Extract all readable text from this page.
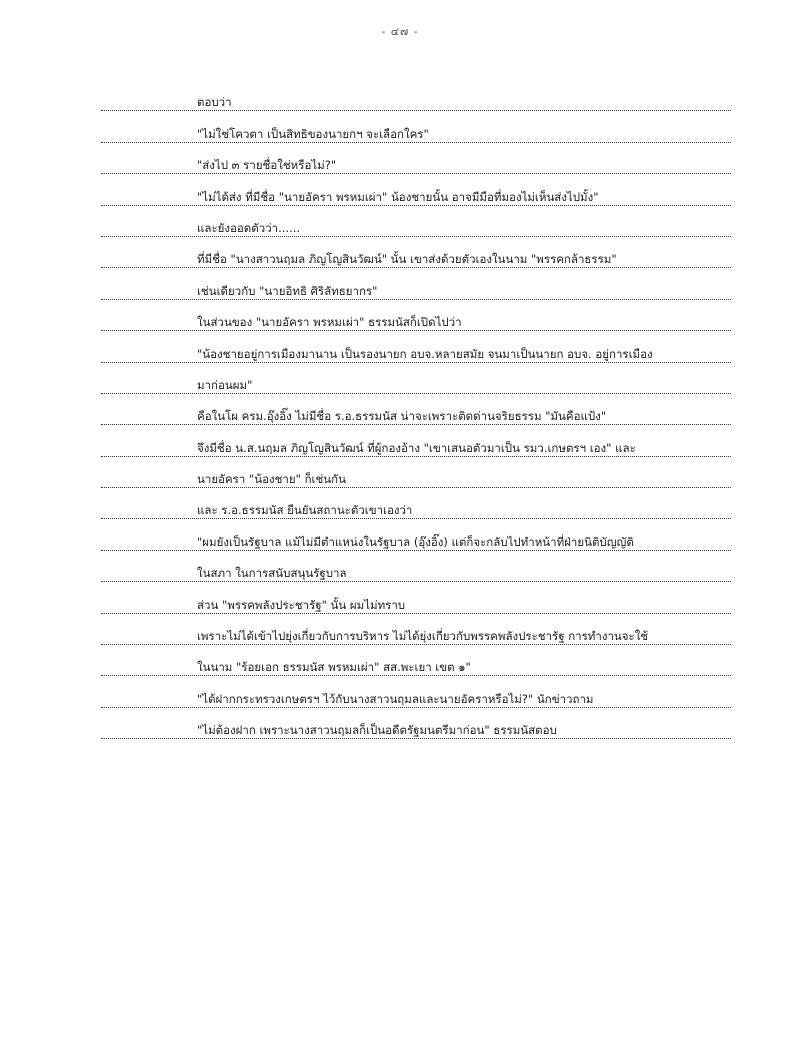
- ๔๗ -
ตอบว่า
"ไม่ใช่โควตา เป็นสิทธิของนายกฯ จะเลือกใคร"
"ส่งไป ๓ รายชื่อใช่หรือไม่?"
"ไม่ได้ส่ง ที่มีชื่อ "นายอัครา พรหมเผ่า" น้องชายนั้น อาจมีมือที่มองไม่เห็นส่งไปมั้ง"
และยังออดตัวว่า......
ที่มีชื่อ "นางสาวนฤมล ภิญโญสินวัฒน์" นั้น เขาส่งด้วยตัวเองในนาม "พรรคกล้าธรรม"
เช่นเดียวกับ "นายอิทธิ ศิริลัทธยากร"
ในส่วนของ "นายอัครา พรหมเผ่า" ธรรมนัสก็เปิดไปว่า
"น้องชายอยู่การเมืองมานาน เป็นรองนายก อบจ.หลายสมัย จนมาเป็นนายก อบจ. อยู่การเมือง
มาก่อนผม"
คือในโผ ครม.อุ๊งอิ๊ง ไม่มีชื่อ ร.อ.ธรรมนัส น่าจะเพราะติดด่านจริยธรรม "มันคือแป้ง"
จึงมีชื่อ น.ส.นฤมล ภิญโญสินวัฒน์ ที่ผู้กองอ้าง "เขาเสนอตัวมาเป็น รมว.เกษตรฯ เอง" และ
นายอัครา "น้องชาย" ก็เช่นกัน
และ ร.อ.ธรรมนัส ยืนยันสถานะตัวเขาเองว่า
"ผมยังเป็นรัฐบาล แม้ไม่มีตำแหน่งในรัฐบาล (อุ๊งอิ๊ง) แต่ก็จะกลับไปทำหน้าที่ฝ่ายนิติบัญญัติ
ในสภา ในการสนับสนุนรัฐบาล
ส่วน "พรรคพลังประชารัฐ" นั้น ผมไม่ทราบ
เพราะไม่ได้เข้าไปยุ่งเกี่ยวกับการบริหาร ไม่ได้ยุ่งเกี่ยวกับพรรคพลังประชารัฐ การทำงานจะใช้
ในนาม "ร้อยเอก ธรรมนัส พรหมเผ่า" สส.พะเยา เขต ๑"
"ได้ฝากกระทรวงเกษตรฯ ไว้กับนางสาวนฤมลและนายอัคราหรือไม่?" นักข่าวถาม
"ไม่ต้องฝาก เพราะนางสาวนฤมลก็เป็นอดีตรัฐมนตรีมาก่อน" ธรรมนัสตอบ
